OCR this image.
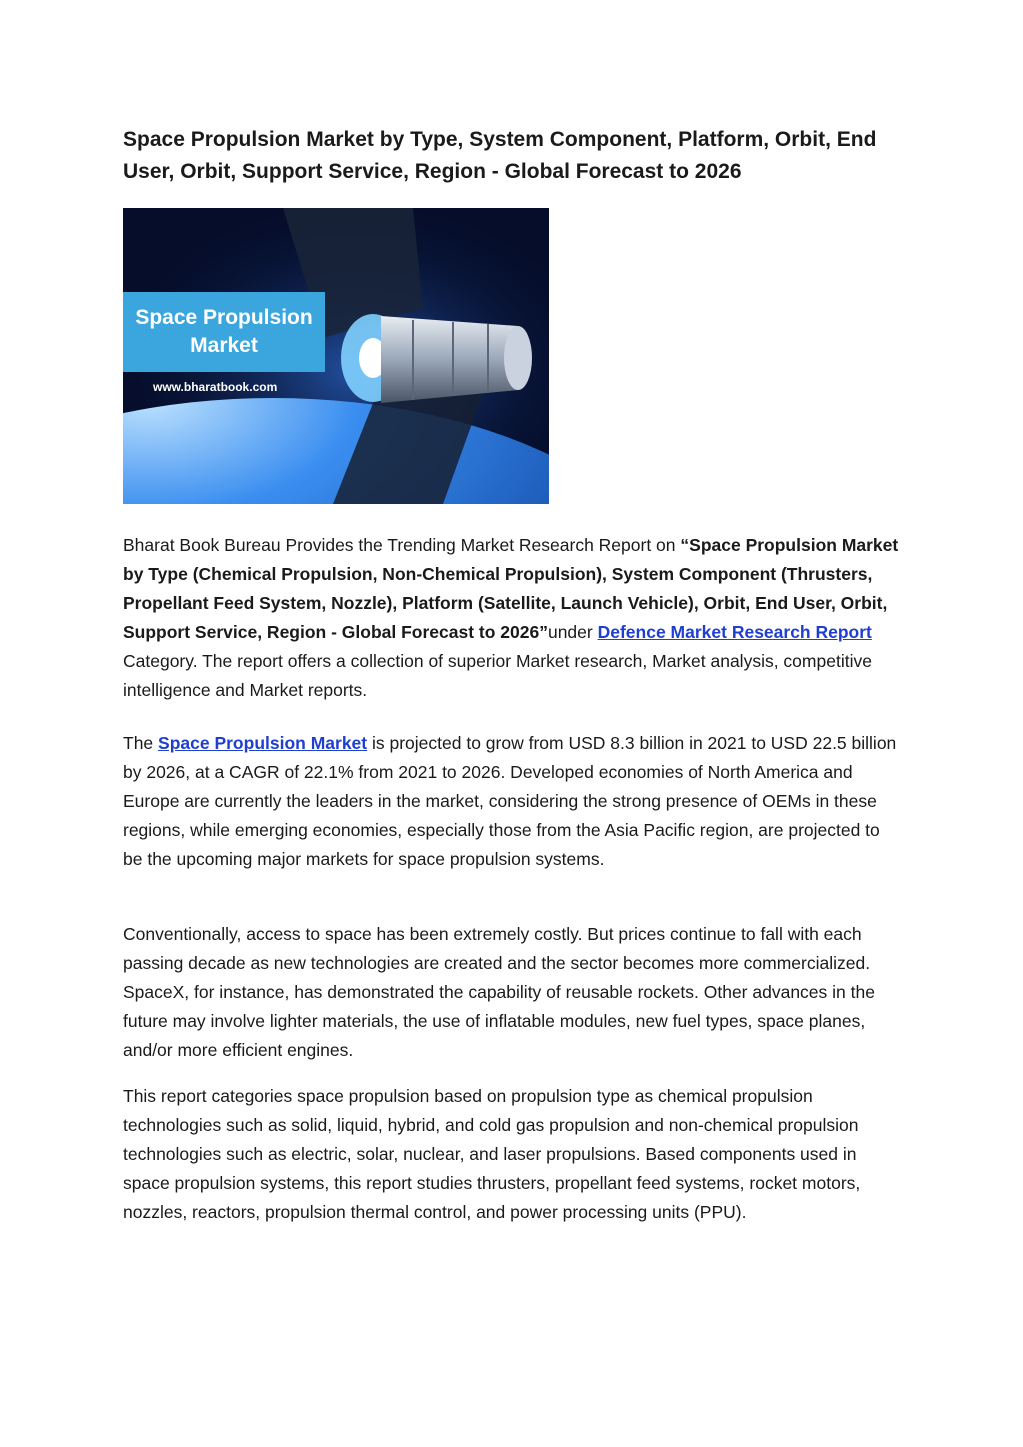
Space Propulsion Market by Type, System Component, Platform, Orbit, End User, Orbit, Support Service, Region - Global Forecast to 2026
Space Propulsion
Market
www.bharatbook.com

Bharat Book Bureau Provides the Trending Market Research Report on “Space Propulsion Market by Type (Chemical Propulsion, Non-Chemical Propulsion), System Component (Thrusters, Propellant Feed System, Nozzle), Platform (Satellite, Launch Vehicle), Orbit, End User, Orbit, Support Service, Region - Global Forecast to 2026”under Defence Market Research Report Category. The report offers a collection of superior Market research, Market analysis, competitive intelligence and Market reports.

The Space Propulsion Market is projected to grow from USD 8.3 billion in 2021 to USD 22.5 billion by 2026, at a CAGR of 22.1% from 2021 to 2026. Developed economies of North America and Europe are currently the leaders in the market, considering the strong presence of OEMs in these regions, while emerging economies, especially those from the Asia Pacific region, are projected to be the upcoming major markets for space propulsion systems.

Conventionally, access to space has been extremely costly. But prices continue to fall with each passing decade as new technologies are created and the sector becomes more commercialized. SpaceX, for instance, has demonstrated the capability of reusable rockets. Other advances in the future may involve lighter materials, the use of inflatable modules, new fuel types, space planes, and/or more efficient engines.

This report categories space propulsion based on propulsion type as chemical propulsion technologies such as solid, liquid, hybrid, and cold gas propulsion and non-chemical propulsion technologies such as electric, solar, nuclear, and laser propulsions. Based components used in space propulsion systems, this report studies thrusters, propellant feed systems, rocket motors, nozzles, reactors, propulsion thermal control, and power processing units (PPU).
